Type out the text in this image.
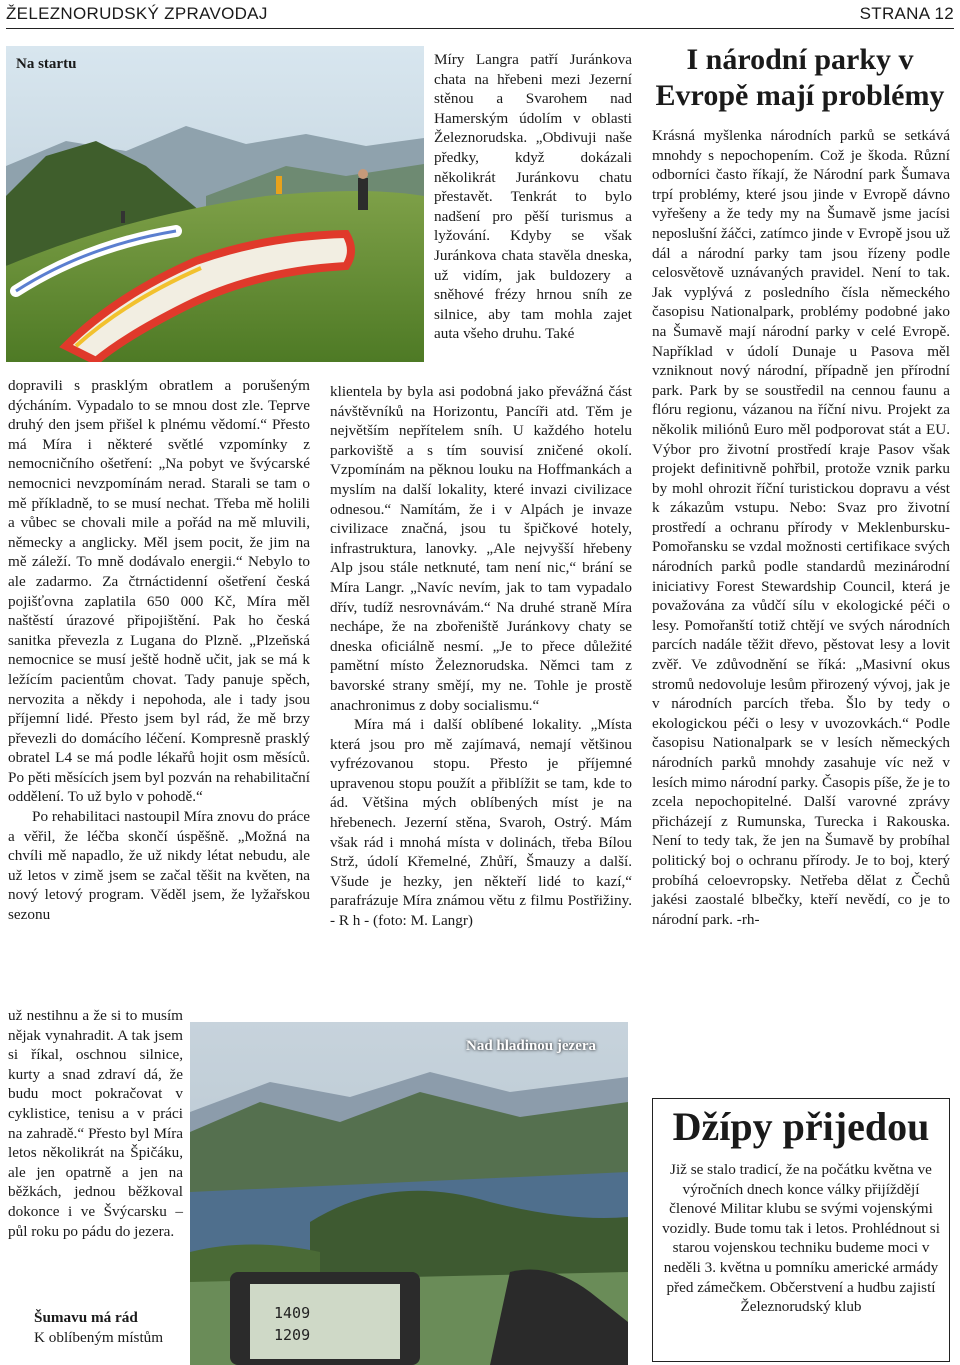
ŽELEZNORUDSKÝ ZPRAVODAJ	STRANA 12
Na startu	Míry Langra patří Juránkova chata na hřebeni mezi Jezerní stěnou a Svarohem nad Hamerským údolím v oblasti Železnorudska. „Obdivuji naše předky, když dokázali několikrát Juránkovu chatu přestavět. Tenkrát to bylo nadšení pro pěší turismus a lyžování. Kdyby se však Juránkova chata stavěla dneska, už vidím, jak buldozery a sněhové frézy hrnou sníh ze silnice, aby tam mohla zajet auta všeho druhu. Také

klientela by byla asi podobná jako převážná část návštěvníků na Horizontu, Pancíři atd. Těm je největším nepřítelem sníh. U každého hotelu parkoviště a s tím souvisí zničené okolí. Vzpomínám na pěknou louku na Hoffmankách a myslím na další lokality, které invazi civilizace odnesou.“ Namítám, že i v Alpách je invaze civilizace značná, jsou tu špičkové hotely, infrastruktura, lanovky. „Ale nejvyšší hřebeny Alp jsou stále netknuté, tam není nic,“ brání se Míra Langr. „Navíc nevím, jak to tam vypadalo dřív, tudíž nesrovnávám.“ Na druhé straně Míra nechápe, že na zbořeniště Juránkovy chaty se dneska oficiálně nesmí. „Je to přece důležité pamětní místo Železnorudska. Němci tam z bavorské strany smějí, my ne. Tohle je prostě anachronimus z doby socialismu.“

Míra má i další oblíbené lokality. „Místa která jsou pro mě zajímavá, nemají většinou vyfrézovanou stopu. Přesto je příjemné upravenou stopu použít a přiblížit se tam, kde to ád. Většina mých oblíbených míst je na hřebenech. Jezerní stěna, Svaroh, Ostrý. Mám však rád i mnohá místa v dolinách, třeba Bílou Strž, údolí Křemelné, Zhůří, Šmauzy a další. Všude je hezky, jen někteří lidé to kazí,“ parafrázuje Míra známou větu z filmu Postřižiny. - R h - (foto: M. Langr)

dopravili s prasklým obratlem a porušeným dýcháním. Vypadalo to se mnou dost zle. Teprve druhý den jsem přišel k plnému vědomí.“ Přesto má Míra i některé světlé vzpomínky z nemocničního ošetření: „Na pobyt ve švýcarské nemocnici nevzpomínám nerad. Starali se tam o mě příkladně, to se musí nechat. Třeba mě holili a vůbec se chovali mile a pořád na mě mluvili, německy a anglicky. Měl jsem pocit, že jim na mě záleží. To mně dodávalo energii.“ Nebylo to ale zadarmo. Za čtrnáctidenní ošetření česká pojišťovna zaplatila 650 000 Kč, Míra měl naštěstí úrazové připojištění. Pak ho česká sanitka převezla z Lugana do Plzně. „Plzeňská nemocnice se musí ještě hodně učit, jak se má k ležícím pacientům chovat. Tady panuje spěch, nervozita a někdy i nepohoda, ale i tady jsou příjemní lidé. Přesto jsem byl rád, že mě brzy převezli do domácího léčení. Kompresně prasklý obratel L4 se má podle lékařů hojit osm měsíců. Po pěti měsících jsem byl pozván na rehabilitační oddělení. To už bylo v pohodě.“

Po rehabilitaci nastoupil Míra znovu do práce a věřil, že léčba skončí úspěšně. „Možná na chvíli mě napadlo, že už nikdy létat nebudu, ale už letos v zimě jsem se začal těšit na květen, na nový letový program. Věděl jsem, že lyžařskou sezonu

už nestihnu a že si to musím nějak vynahradit. A tak jsem si říkal, oschnou silnice, kurty a snad zdraví dá, že budu moct pokračovat v cyklistice, tenisu a v práci na zahradě.“ Přesto byl Míra letos několikrát na Špičáku, ale jen opatrně a jen na běžkách, jednou běžkoval dokonce i ve Švýcarsku – půl roku po pádu do jezera.

Šumavu má rád
K oblíbeným místům
1409
1209
Nad hladinou jezera
I národní parky v Evropě mají problémy

Krásná myšlenka národních parků se setkává mnohdy s nepochopením. Což je škoda. Různí odborníci často říkají, že Národní park Šumava trpí problémy, které jsou jinde v Evropě dávno vyřešeny a že tedy my na Šumavě jsme jacísi neposlušní žáčci, zatímco jinde v Evropě jsou už dál a národní parky tam jsou řízeny podle celosvětově uznávaných pravidel. Není to tak. Jak vyplývá z posledního čísla německého časopisu Nationalpark, problémy podobné jako na Šumavě mají národní parky v celé Evropě. Například v údolí Dunaje u Pasova měl vzniknout nový národní, případně jen přírodní park. Park by se soustředil na cennou faunu a flóru regionu, vázanou na říční nivu. Projekt za několik miliónů Euro měl podporovat stát a EU. Výbor pro životní prostředí kraje Pasov však projekt definitivně pohřbil, protože vznik parku by mohl ohrozit říční turistickou dopravu a vést k zákazům vstupu. Nebo: Svaz pro životní prostředí a ochranu přírody v Meklenbursku-Pomořansku se vzdal možnosti certifikace svých národních parků podle standardů mezinárodní iniciativy Forest Stewardship Council, která je považována za vůdčí sílu v ekologické péči o lesy. Pomořanští totiž chtějí ve svých národních parcích nadále těžit dřevo, pěstovat lesy a lovit zvěř. Ve zdůvodnění se říká: „Masivní okus stromů nedovoluje lesům přirozený vývoj, jak je v národních parcích třeba. Šlo by tedy o ekologickou péči o lesy v uvozovkách.“ Podle časopisu Nationalpark se v lesích německých národních parků mnohdy zasahuje víc než v lesích mimo národní parky. Časopis píše, že je to zcela nepochopitelné. Další varovné zprávy přicházejí z Rumunska, Turecka i Rakouska. Není to tedy tak, že jen na Šumavě by probíhal politický boj o ochranu přírody. Je to boj, který probíhá celoevropsky. Netřeba dělat z Čechů jakési zaostalé blbečky, kteří nevědí, co je to národní park. -rh-

Džípy přijedou
Již se stalo tradicí, že na počátku května ve výročních dnech konce války přijíždějí členové Militar klubu se svými vojenskými vozidly. Bude tomu tak i letos. Prohlédnout si starou vojenskou techniku budeme moci v neděli 3. května u pomníku americké armády před zámečkem. Občerstvení a hudbu zajistí Železnorudský klub
